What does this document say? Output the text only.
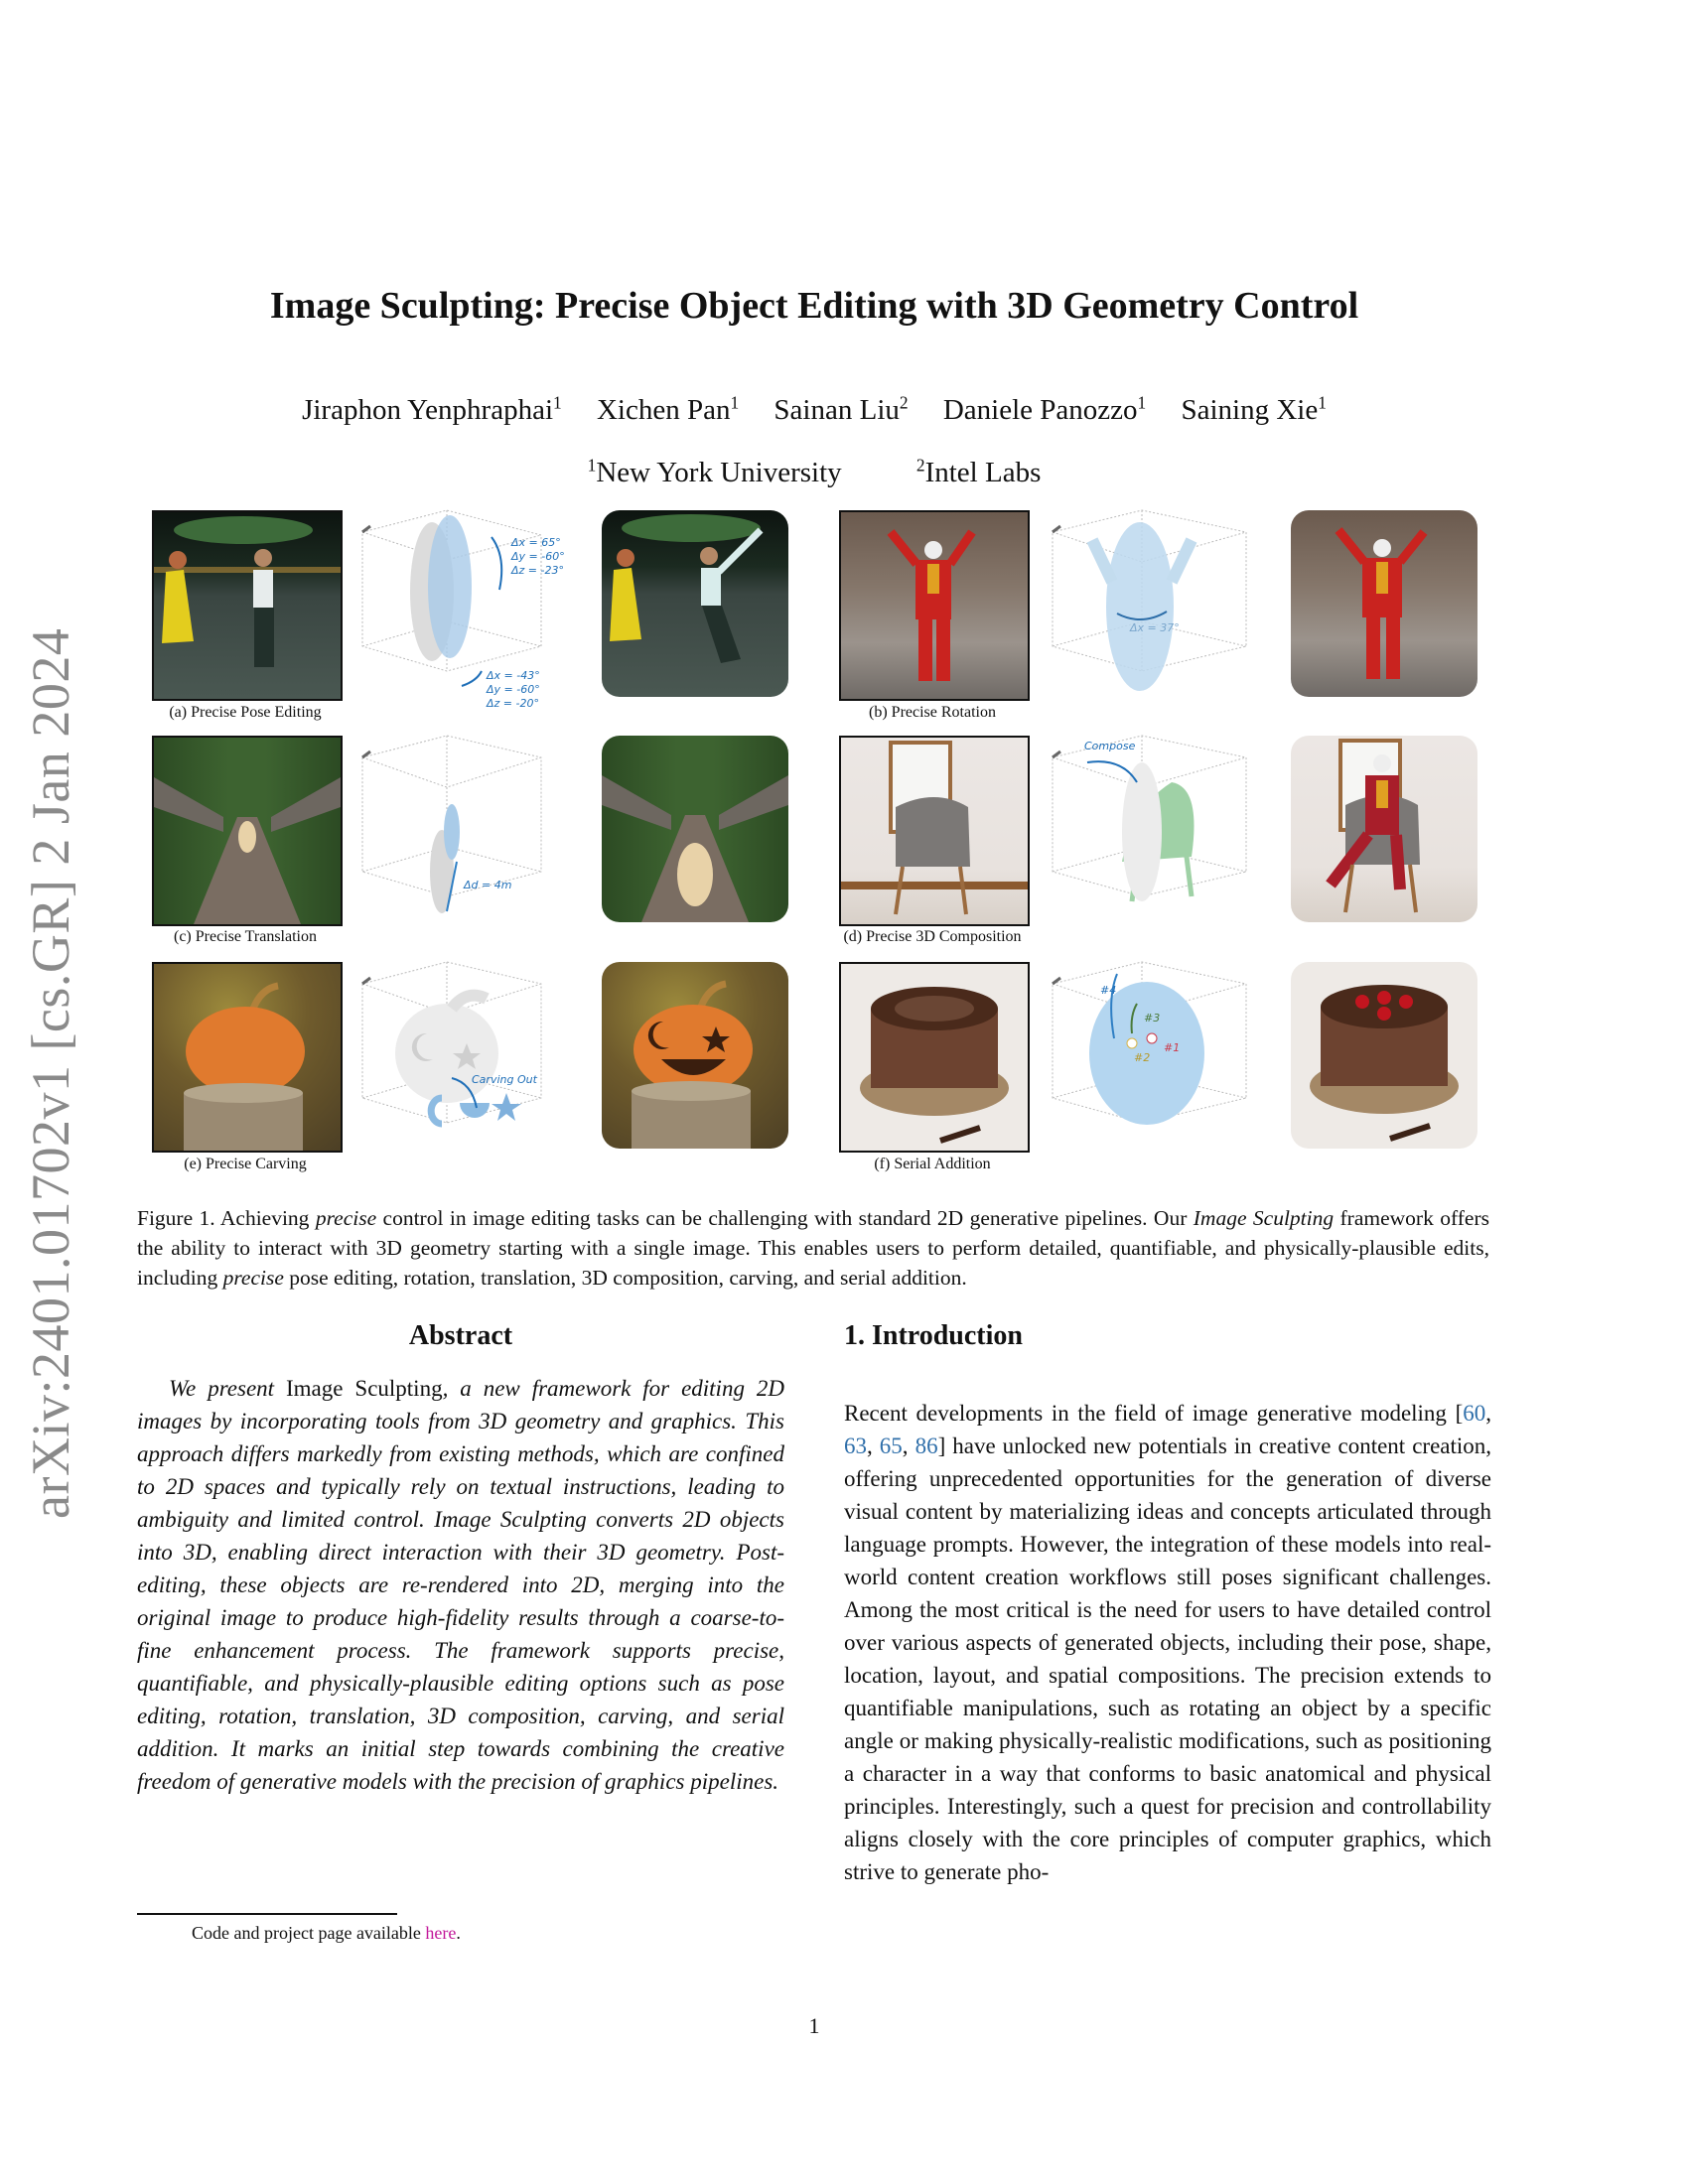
arXiv:2401.01702v1 [cs.GR] 2 Jan 2024
Image Sculpting: Precise Object Editing with 3D Geometry Control
Jiraphon Yenphraphai$^1$ Xichen Pan$^1$ Sainan Liu$^2$ Daniele Panozzo$^1$ Saining Xie$^1$
$^1$New York University	$^2$Intel Labs
Δx = 65°
Δy = -60°
Δz = -23°
Δx = -43°
Δy = -60°
Δz = -20°
(a) Precise Pose Editing
Δx = 37°
(b) Precise Rotation
Δd = 4m
(c) Precise Translation
Compose
(d) Precise 3D Composition
Carving Out
(e) Precise Carving
#4
#3
#2
#1
(f) Serial Addition
Figure 1. Achieving precise control in image editing tasks can be challenging with standard 2D generative pipelines. Our Image Sculpting framework offers the ability to interact with 3D geometry starting with a single image. This enables users to perform detailed, quantifiable, and physically-plausible edits, including precise pose editing, rotation, translation, 3D composition, carving, and serial addition.
Abstract
We present Image Sculpting, a new framework for editing 2D images by incorporating tools from 3D geometry and graphics. This approach differs markedly from existing methods, which are confined to 2D spaces and typically rely on textual instructions, leading to ambiguity and limited control. Image Sculpting converts 2D objects into 3D, enabling direct interaction with their 3D geometry. Post-editing, these objects are re-rendered into 2D, merging into the original image to produce high-fidelity results through a coarse-to-fine enhancement process. The framework supports precise, quantifiable, and physically-plausible editing options such as pose editing, rotation, translation, 3D composition, carving, and serial addition. It marks an initial step towards combining the creative freedom of generative models with the precision of graphics pipelines.
1. Introduction
Recent developments in the field of image generative modeling [60, 63, 65, 86] have unlocked new potentials in creative content creation, offering unprecedented opportunities for the generation of diverse visual content by materializing ideas and concepts articulated through language prompts. However, the integration of these models into real-world content creation workflows still poses significant challenges. Among the most critical is the need for users to have detailed control over various aspects of generated objects, including their pose, shape, location, layout, and spatial compositions. The precision extends to quantifiable manipulations, such as rotating an object by a specific angle or making physically-realistic modifications, such as positioning a character in a way that conforms to basic anatomical and physical principles. Interestingly, such a quest for precision and controllability aligns closely with the core principles of computer graphics, which strive to generate pho-
Code and project page available here.
1
